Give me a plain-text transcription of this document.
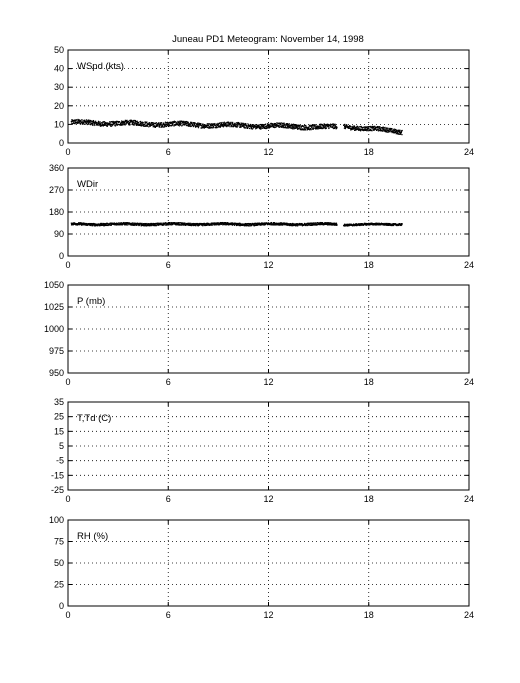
Juneau PD1 Meteogram: November 14, 1998
0	6	12	18	24
0
10
20
30
40
50
WSpd (kts)
0	6	12	18	24
0
90
180
270
360
WDir
0	6	12	18	24
950
975
1000
1025
1050
P (mb)
0	6	12	18	24
-25
-15
-5
5
15
25
35
T,Td (C)
0	6	12	18	24
0
25
50
75
100
RH (%)
